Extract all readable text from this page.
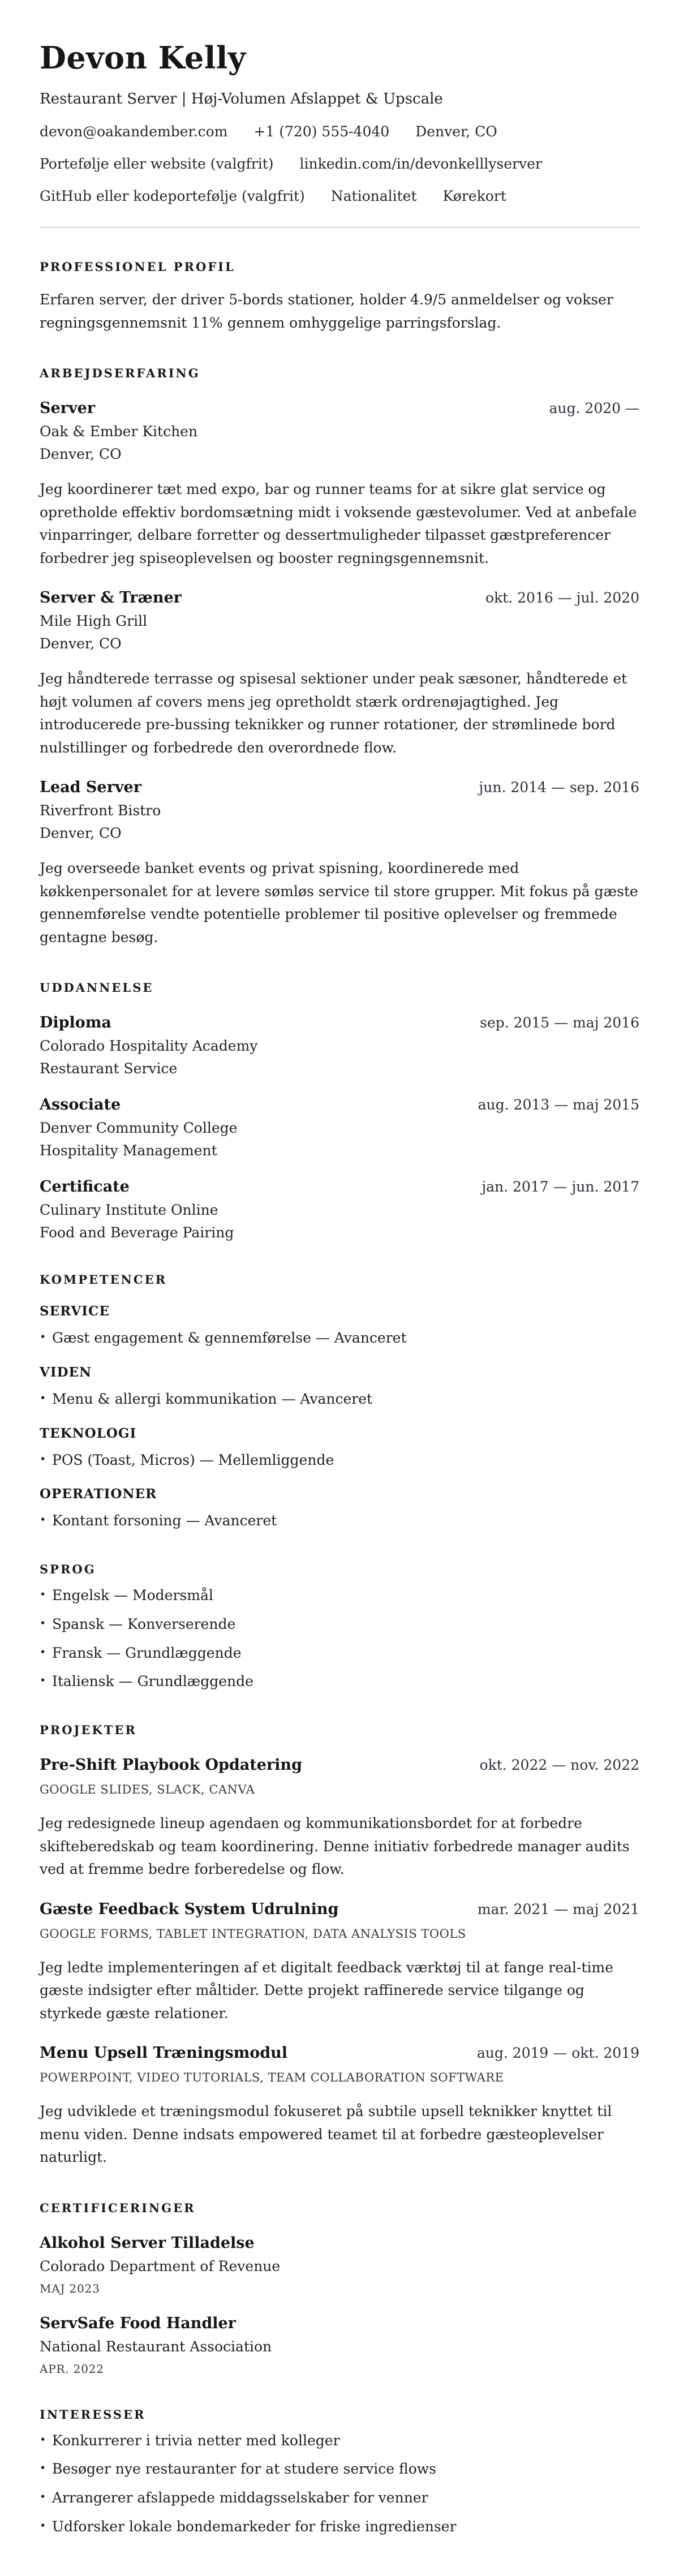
Devon Kelly
Restaurant Server | Høj-Volumen Afslappet & Upscale
devon@oakandember.com +1 (720) 555-4040 Denver, CO
Portefølje eller website (valgfrit) linkedin.com/in/devonkelllyserver
GitHub eller kodeportefølje (valgfrit) Nationalitet Kørekort
PROFESSIONEL PROFIL

Erfaren server, der driver 5-bords stationer, holder 4.9/5 anmeldelser og vokser regningsgennemsnit 11% gennem omhyggelige parringsforslag.

ARBEJDSERFARING
Server	aug. 2020 —
Oak & Ember Kitchen
Denver, CO

Jeg koordinerer tæt med expo, bar og runner teams for at sikre glat service og opretholde effektiv bordomsætning midt i voksende gæstevolumer. Ved at anbefale vinparringer, delbare forretter og dessertmuligheder tilpasset gæstpreferencer forbedrer jeg spiseoplevelsen og booster regningsgennemsnit.

Server & Træner	okt. 2016 — jul. 2020
Mile High Grill
Denver, CO

Jeg håndterede terrasse og spisesal sektioner under peak sæsoner, håndterede et højt volumen af covers mens jeg opretholdt stærk ordrenøjagtighed. Jeg introducerede pre-bussing teknikker og runner rotationer, der strømlinede bord nulstillinger og forbedrede den overordnede flow.

Lead Server	jun. 2014 — sep. 2016
Riverfront Bistro
Denver, CO

Jeg overseede banket events og privat spisning, koordinerede med køkkenpersonalet for at levere sømløs service til store grupper. Mit fokus på gæste gennemførelse vendte potentielle problemer til positive oplevelser og fremmede gentagne besøg.

UDDANNELSE
Diploma	sep. 2015 — maj 2016
Colorado Hospitality Academy
Restaurant Service
Associate	aug. 2013 — maj 2015
Denver Community College
Hospitality Management
Certificate	jan. 2017 — jun. 2017
Culinary Institute Online
Food and Beverage Pairing
KOMPETENCER
SERVICE
• Gæst engagement & gennemførelse — Avanceret
VIDEN
• Menu & allergi kommunikation — Avanceret
TEKNOLOGI
• POS (Toast, Micros) — Mellemliggende
OPERATIONER
• Kontant forsoning — Avanceret
SPROG
• Engelsk — Modersmål
• Spansk — Konverserende
• Fransk — Grundlæggende
• Italiensk — Grundlæggende
PROJEKTER
Pre-Shift Playbook Opdatering	okt. 2022 — nov. 2022
GOOGLE SLIDES, SLACK, CANVA

Jeg redesignede lineup agendaen og kommunikationsbordet for at forbedre skifteberedskab og team koordinering. Denne initiativ forbedrede manager audits ved at fremme bedre forberedelse og flow.

Gæste Feedback System Udrulning	mar. 2021 — maj 2021
GOOGLE FORMS, TABLET INTEGRATION, DATA ANALYSIS TOOLS

Jeg ledte implementeringen af et digitalt feedback værktøj til at fange real-time gæste indsigter efter måltider. Dette projekt raffinerede service tilgange og styrkede gæste relationer.

Menu Upsell Træningsmodul	aug. 2019 — okt. 2019
POWERPOINT, VIDEO TUTORIALS, TEAM COLLABORATION SOFTWARE

Jeg udviklede et træningsmodul fokuseret på subtile upsell teknikker knyttet til menu viden. Denne indsats empowered teamet til at forbedre gæsteoplevelser naturligt.

CERTIFICERINGER
Alkohol Server Tilladelse
Colorado Department of Revenue
MAJ 2023
ServSafe Food Handler
National Restaurant Association
APR. 2022
INTERESSER
• Konkurrerer i trivia netter med kolleger
• Besøger nye restauranter for at studere service flows
• Arrangerer afslappede middagsselskaber for venner
• Udforsker lokale bondemarkeder for friske ingredienser
